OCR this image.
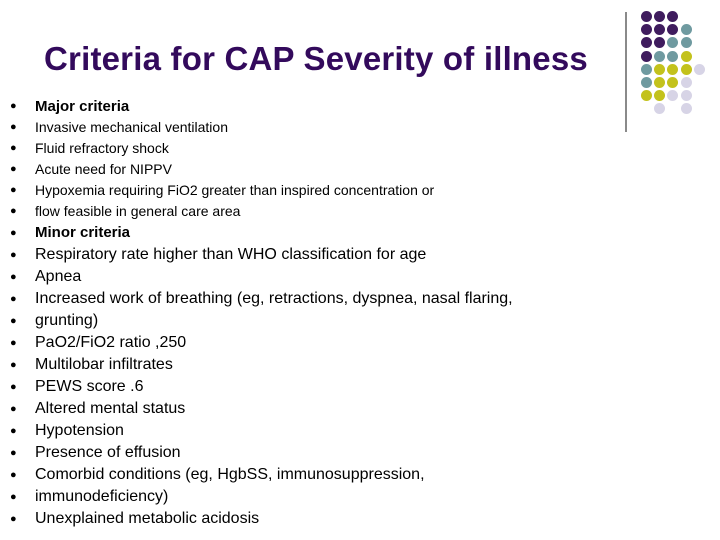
Criteria for CAP Severity of illness
● Major criteria
● Invasive mechanical ventilation
● Fluid refractory shock
● Acute need for NIPPV
● Hypoxemia requiring FiO2 greater than inspired concentration or
● flow feasible in general care area
● Minor criteria
● Respiratory rate higher than WHO classification for age
● Apnea
● Increased work of breathing (eg, retractions, dyspnea, nasal flaring,
● grunting)
● PaO2/FiO2 ratio ,250
● Multilobar infiltrates
● PEWS score .6
● Altered mental status
● Hypotension
● Presence of effusion
● Comorbid conditions (eg, HgbSS, immunosuppression,
● immunodeficiency)
● Unexplained metabolic acidosis
